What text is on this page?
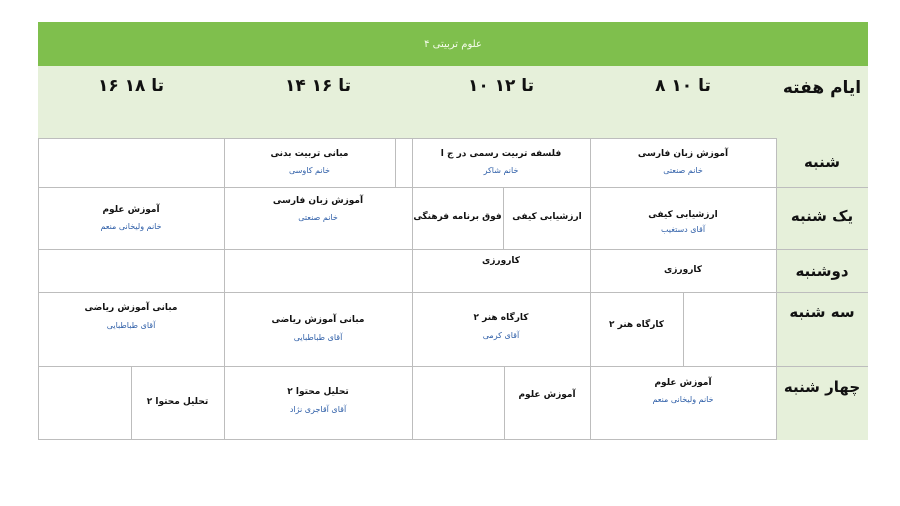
علوم تربیتی ۴
ایام هفته
۸ تا ۱۰
۱۰ تا ۱۲
۱۴ تا ۱۶
۱۶ تا ۱۸
شنبه
یک شنبه
دوشنبه
سه شنبه
چهار شنبه
آموزش زبان فارسی
خانم صنعتی
فلسفه تربیت رسمی در ج ا
خانم شاکر
مبانی تربیت بدنی
خانم کاوسی
ارزشیابی کیفی
آقای دستغیب
ارزشیابی کیفی
فوق برنامه فرهنگی
آموزش زبان فارسی
خانم صنعتی
آموزش علوم
خانم ولیخانی منعم
کارورزی
کارورزی
کارگاه هنر ۲
کارگاه هنر ۲
آقای کرمی
مبانی آموزش ریاضی
آقای طباطبایی
مبانی آموزش ریاضی
آقای طباطبایی
آموزش علوم
خانم ولیخانی منعم
آموزش علوم
تحلیل محتوا ۲
آقای آقاجری نژاد
تحلیل محتوا ۲
